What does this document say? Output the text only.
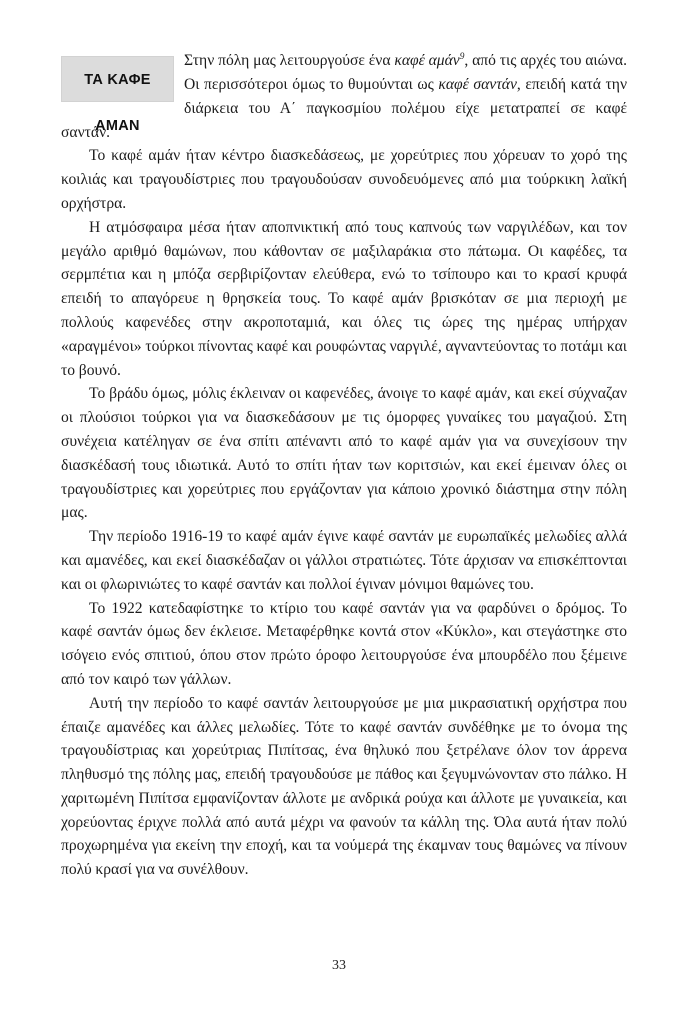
ΤΑ ΚΑΦΕ ΑΜΑΝ

Στην πόλη μας λειτουργούσε ένα καφέ αμάν$^9$, από τις αρχές του αιώνα. Οι περισσότεροι όμως το θυμούνται ως καφέ σαντάν, επειδή κατά την διάρκεια του Α΄ παγκοσμίου πολέμου είχε μετατραπεί σε καφέ σαντάν.

Το καφέ αμάν ήταν κέντρο διασκεδάσεως, με χορεύτριες που χόρευαν το χορό της κοιλιάς και τραγουδίστριες που τραγουδούσαν συνοδευόμενες από μια τούρκικη λαϊκή ορχήστρα.

Η ατμόσφαιρα μέσα ήταν αποπνικτική από τους καπνούς των ναργιλέδων, και τον μεγάλο αριθμό θαμώνων, που κάθονταν σε μαξιλαράκια στο πάτωμα. Οι καφέδες, τα σερμπέτια και η μπόζα σερβιρίζονταν ελεύθερα, ενώ το τσίπουρο και το κρασί κρυφά επειδή το απαγόρευε η θρησκεία τους. Το καφέ αμάν βρισκόταν σε μια περιοχή με πολλούς καφενέδες στην ακροποταμιά, και όλες τις ώρες της ημέρας υπήρχαν «αραγμένοι» τούρκοι πίνοντας καφέ και ρουφώντας ναργιλέ, αγναντεύοντας το ποτάμι και το βουνό.

Το βράδυ όμως, μόλις έκλειναν οι καφενέδες, άνοιγε το καφέ αμάν, και εκεί σύχναζαν οι πλούσιοι τούρκοι για να διασκεδάσουν με τις όμορφες γυναίκες του μαγαζιού. Στη συνέχεια κατέληγαν σε ένα σπίτι απέναντι από το καφέ αμάν για να συνεχίσουν την διασκέδασή τους ιδιωτικά. Αυτό το σπίτι ήταν των κοριτσιών, και εκεί έμειναν όλες οι τραγουδίστριες και χορεύτριες που εργάζονταν για κάποιο χρονικό διάστημα στην πόλη μας.

Την περίοδο 1916-19 το καφέ αμάν έγινε καφέ σαντάν με ευρωπαϊκές μελωδίες αλλά και αμανέδες, και εκεί διασκέδαζαν οι γάλλοι στρατιώτες. Τότε άρχισαν να επισκέπτονται και οι φλωρινιώτες το καφέ σαντάν και πολλοί έγιναν μόνιμοι θαμώνες του.

Το 1922 κατεδαφίστηκε το κτίριο του καφέ σαντάν για να φαρδύνει ο δρόμος. Το καφέ σαντάν όμως δεν έκλεισε. Μεταφέρθηκε κοντά στον «Κύκλο», και στεγάστηκε στο ισόγειο ενός σπιτιού, όπου στον πρώτο όροφο λειτουργούσε ένα μπουρδέλο που ξέμεινε από τον καιρό των γάλλων.

Αυτή την περίοδο το καφέ σαντάν λειτουργούσε με μια μικρασιατική ορχήστρα που έπαιζε αμανέδες και άλλες μελωδίες. Τότε το καφέ σαντάν συνδέθηκε με το όνομα της τραγουδίστριας και χορεύτριας Πιπίτσας, ένα θηλυκό που ξετρέλανε όλον τον άρρενα πληθυσμό της πόλης μας, επειδή τραγουδούσε με πάθος και ξεγυμνώνονταν στο πάλκο. Η χαριτωμένη Πιπίτσα εμφανίζονταν άλλοτε με ανδρικά ρούχα και άλλοτε με γυναικεία, και χορεύοντας έριχνε πολλά από αυτά μέχρι να φανούν τα κάλλη της. Όλα αυτά ήταν πολύ προχωρημένα για εκείνη την εποχή, και τα νούμερά της έκαμναν τους θαμώνες να πίνουν πολύ κρασί για να συνέλθουν.

33
